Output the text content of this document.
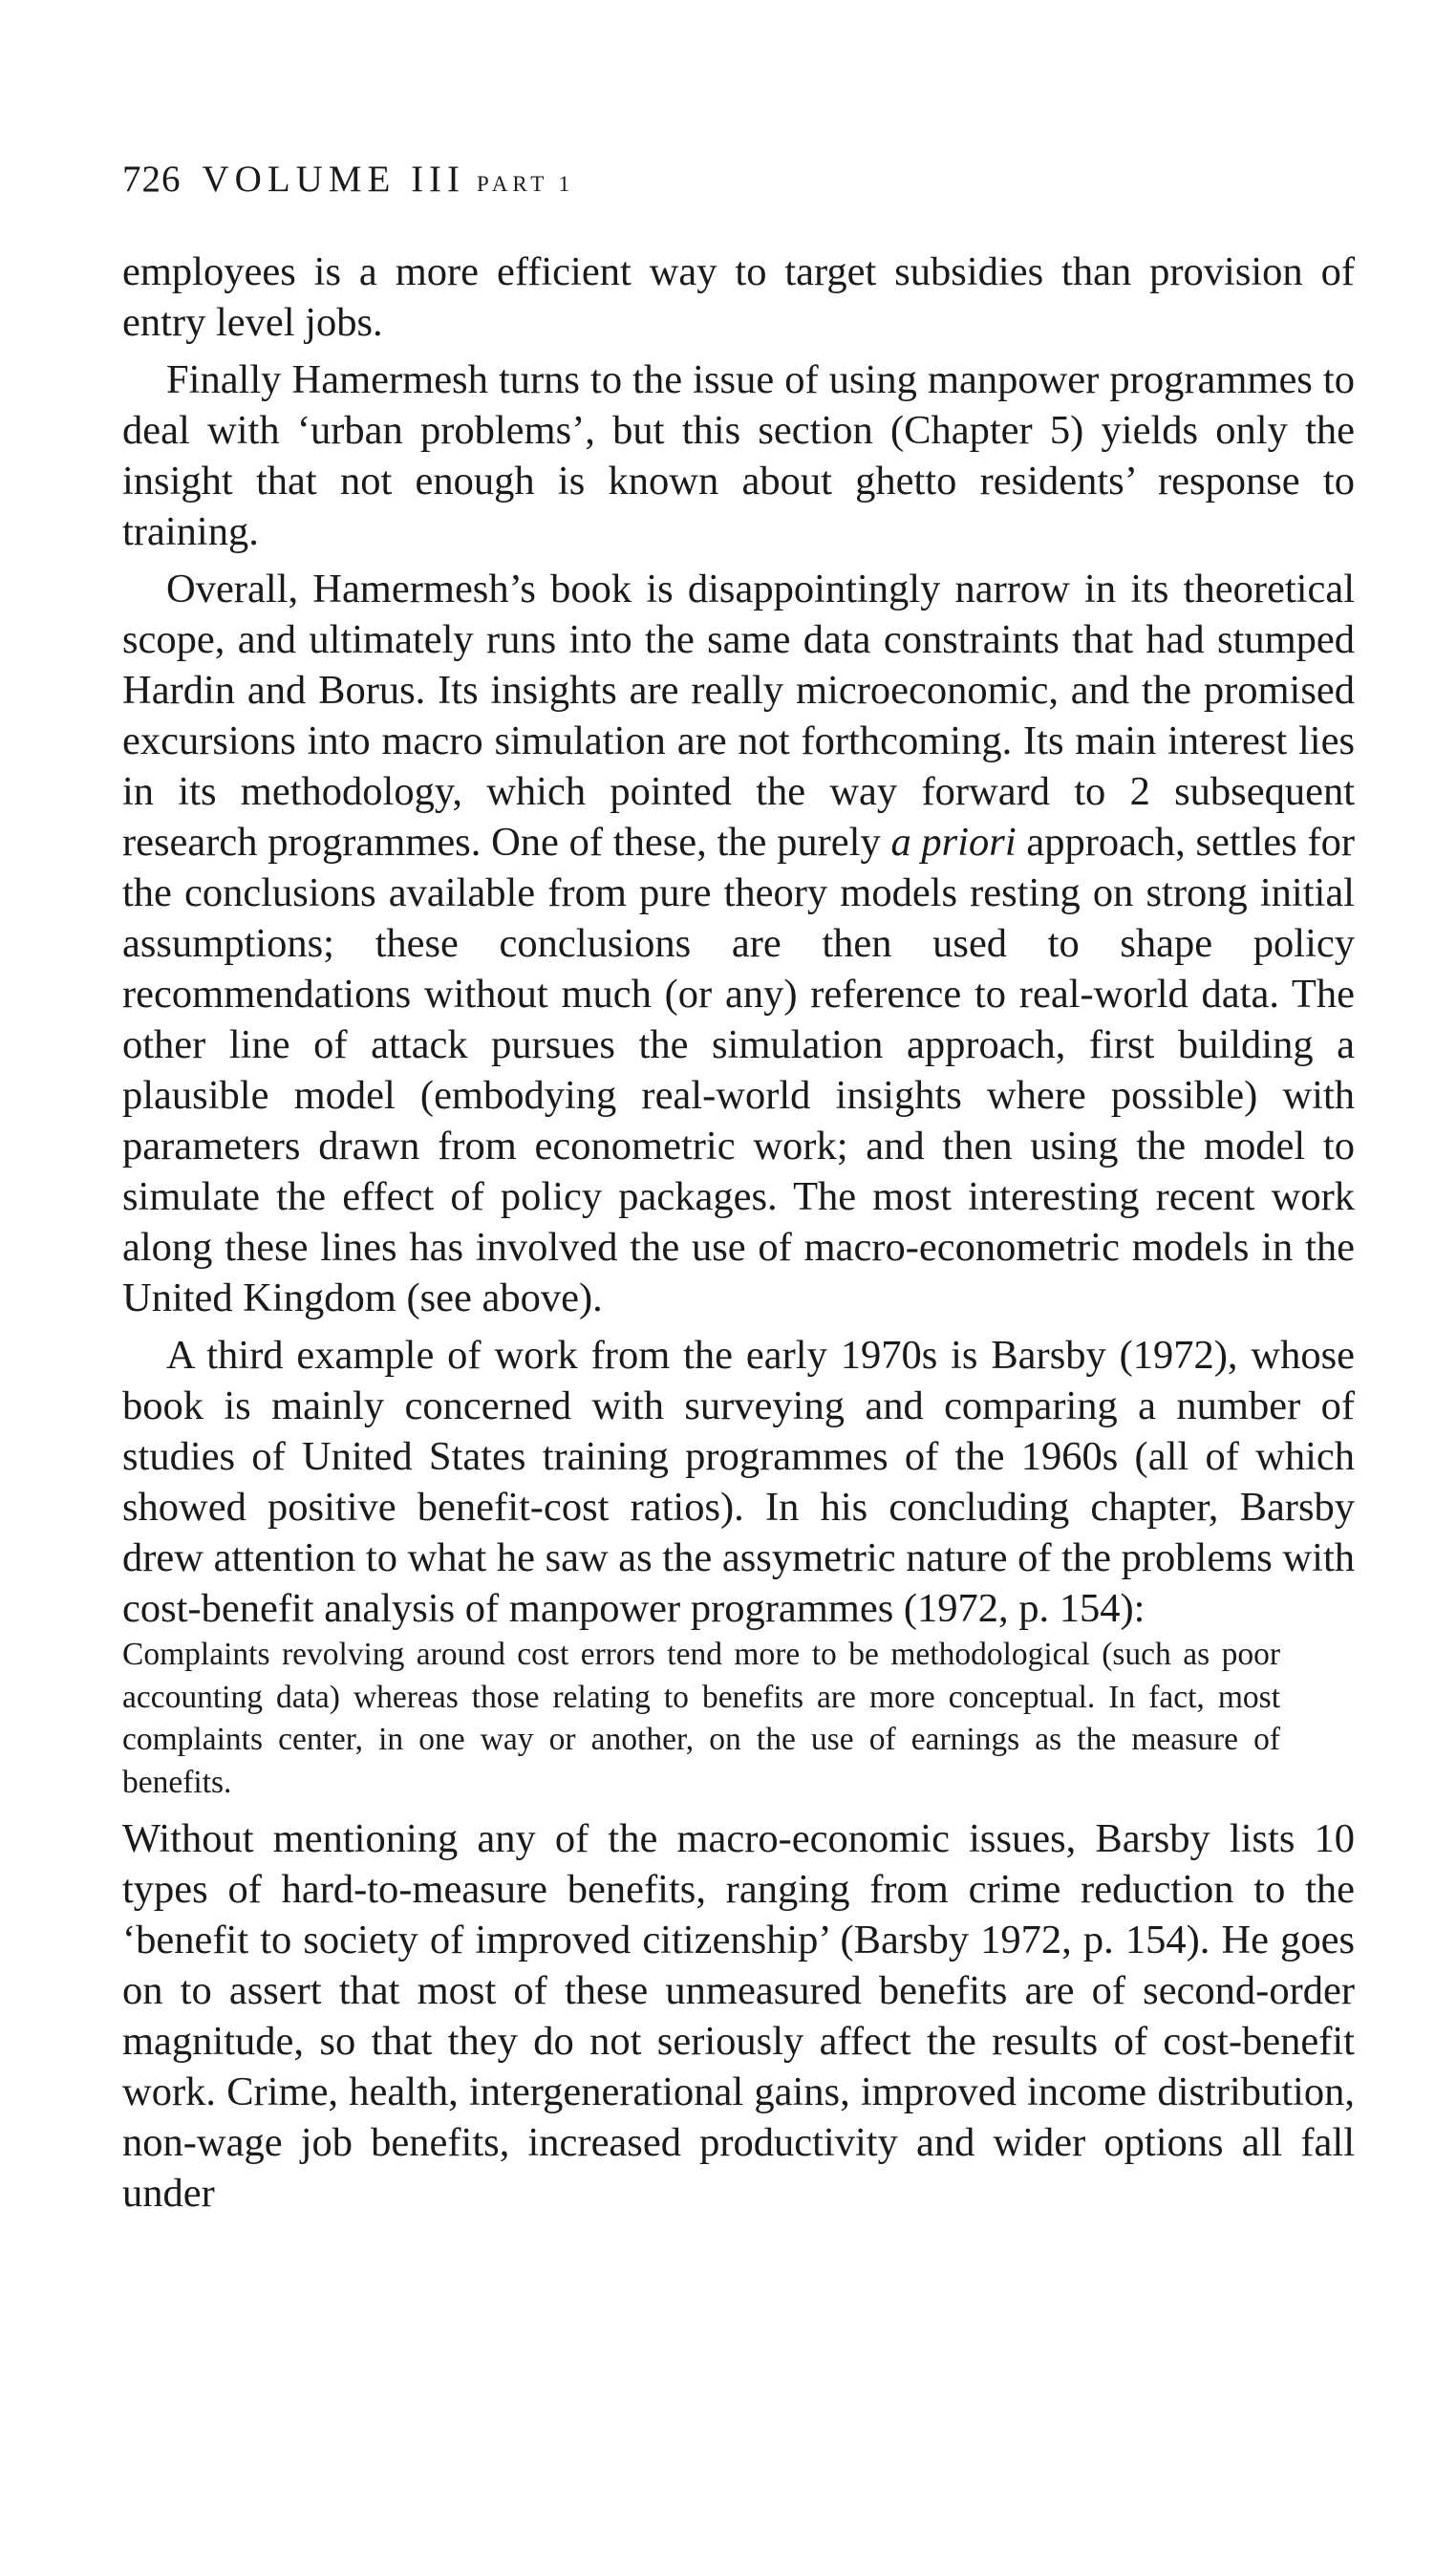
726 VOLUME III PART 1

employees is a more efficient way to target subsidies than provision of entry level jobs.

Finally Hamermesh turns to the issue of using manpower programmes to deal with ‘urban problems’, but this section (Chapter 5) yields only the insight that not enough is known about ghetto residents’ response to training.

Overall, Hamermesh’s book is disappointingly narrow in its theoretical scope, and ultimately runs into the same data constraints that had stumped Hardin and Borus. Its insights are really microeconomic, and the promised excursions into macro simulation are not forthcoming. Its main interest lies in its methodology, which pointed the way forward to 2 subsequent research programmes. One of these, the purely a priori approach, settles for the conclusions available from pure theory models resting on strong initial assumptions; these conclusions are then used to shape policy recommendations without much (or any) reference to real-world data. The other line of attack pursues the simulation approach, first building a plausible model (embodying real-world insights where possible) with parameters drawn from econometric work; and then using the model to simulate the effect of policy packages. The most interesting recent work along these lines has involved the use of macro-econometric models in the United Kingdom (see above).

A third example of work from the early 1970s is Barsby (1972), whose book is mainly concerned with surveying and comparing a number of studies of United States training programmes of the 1960s (all of which showed positive benefit-cost ratios). In his concluding chapter, Barsby drew attention to what he saw as the assymetric nature of the problems with cost-benefit analysis of manpower programmes (1972, p. 154):

Complaints revolving around cost errors tend more to be methodological (such as poor accounting data) whereas those relating to benefits are more conceptual. In fact, most complaints center, in one way or another, on the use of earnings as the measure of benefits.

Without mentioning any of the macro-economic issues, Barsby lists 10 types of hard-to-measure benefits, ranging from crime reduction to the ‘benefit to society of improved citizenship’ (Barsby 1972, p. 154). He goes on to assert that most of these unmeasured benefits are of second-order magnitude, so that they do not seriously affect the results of cost-benefit work. Crime, health, intergenerational gains, improved income distribution, non-wage job benefits, increased productivity and wider options all fall under
